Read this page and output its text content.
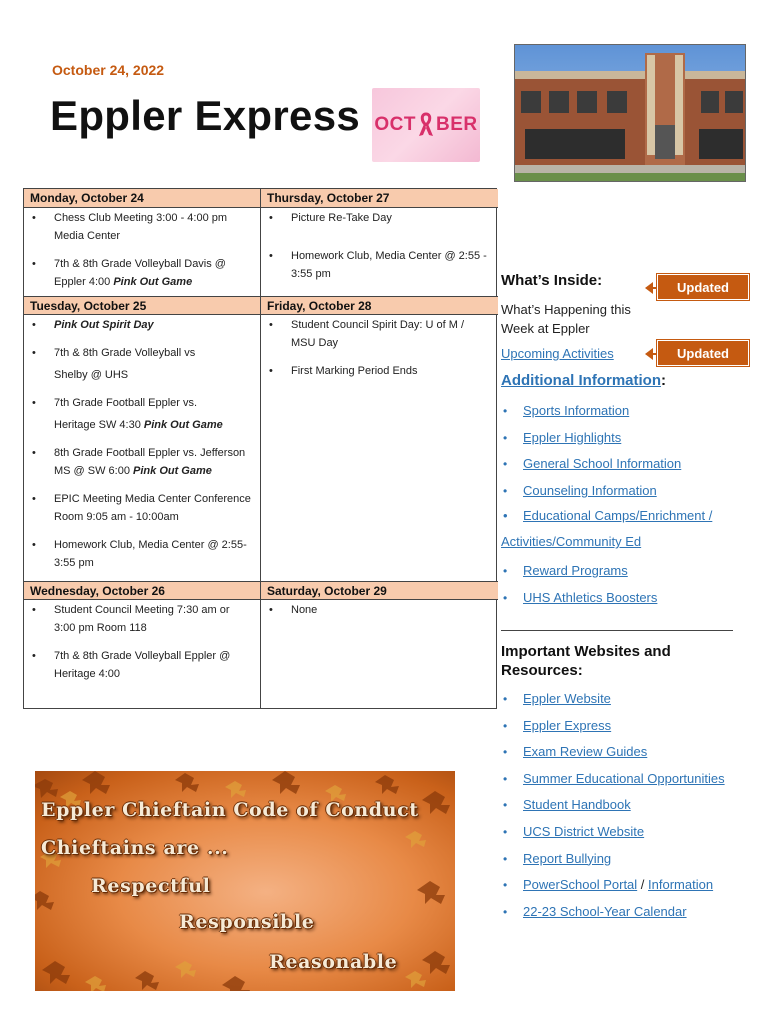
October 24, 2022
Eppler Express OCT BER
Monday, October 24
• Chess Club Meeting 3:00 - 4:00 pm Media Center
• 7th & 8th Grade Volleyball Davis @ Eppler 4:00 Pink Out Game
Tuesday, October 25
• Pink Out Spirit Day
• 7th & 8th Grade Volleyball vs
Shelby @ UHS
• 7th Grade Football Eppler vs.
Heritage SW 4:30 Pink Out Game
• 8th Grade Football Eppler vs. Jefferson MS @ SW 6:00 Pink Out Game
• EPIC Meeting Media Center Conference Room 9:05 am - 10:00am
• Homework Club, Media Center @ 2:55-3:55 pm
Wednesday, October 26
• Student Council Meeting 7:30 am or 3:00 pm Room 118
• 7th & 8th Grade Volleyball Eppler @ Heritage 4:00
Thursday, October 27
• Picture Re-Take Day
• Homework Club, Media Center @ 2:55 - 3:55 pm
Friday, October 28
• Student Council Spirit Day: U of M / MSU Day
• First Marking Period Ends
Saturday, October 29
• None
What’s Inside:	Updated
What’s Happening this Week at Eppler
Upcoming Activities	Updated
Additional Information:
• Sports Information
• Eppler Highlights
• General School Information
• Counseling Information
• Educational Camps/Enrichment /
Activities/Community Ed
• Reward Programs
• UHS Athletics Boosters
Important Websites and Resources:
• Eppler Website
• Eppler Express
• Exam Review Guides
• Summer Educational Opportunities
• Student Handbook
• UCS District Website
• Report Bullying
• PowerSchool Portal / Information
• 22-23 School-Year Calendar
Eppler Chieftain Code of Conduct
Chieftains are ...
Respectful
Responsible
Reasonable
